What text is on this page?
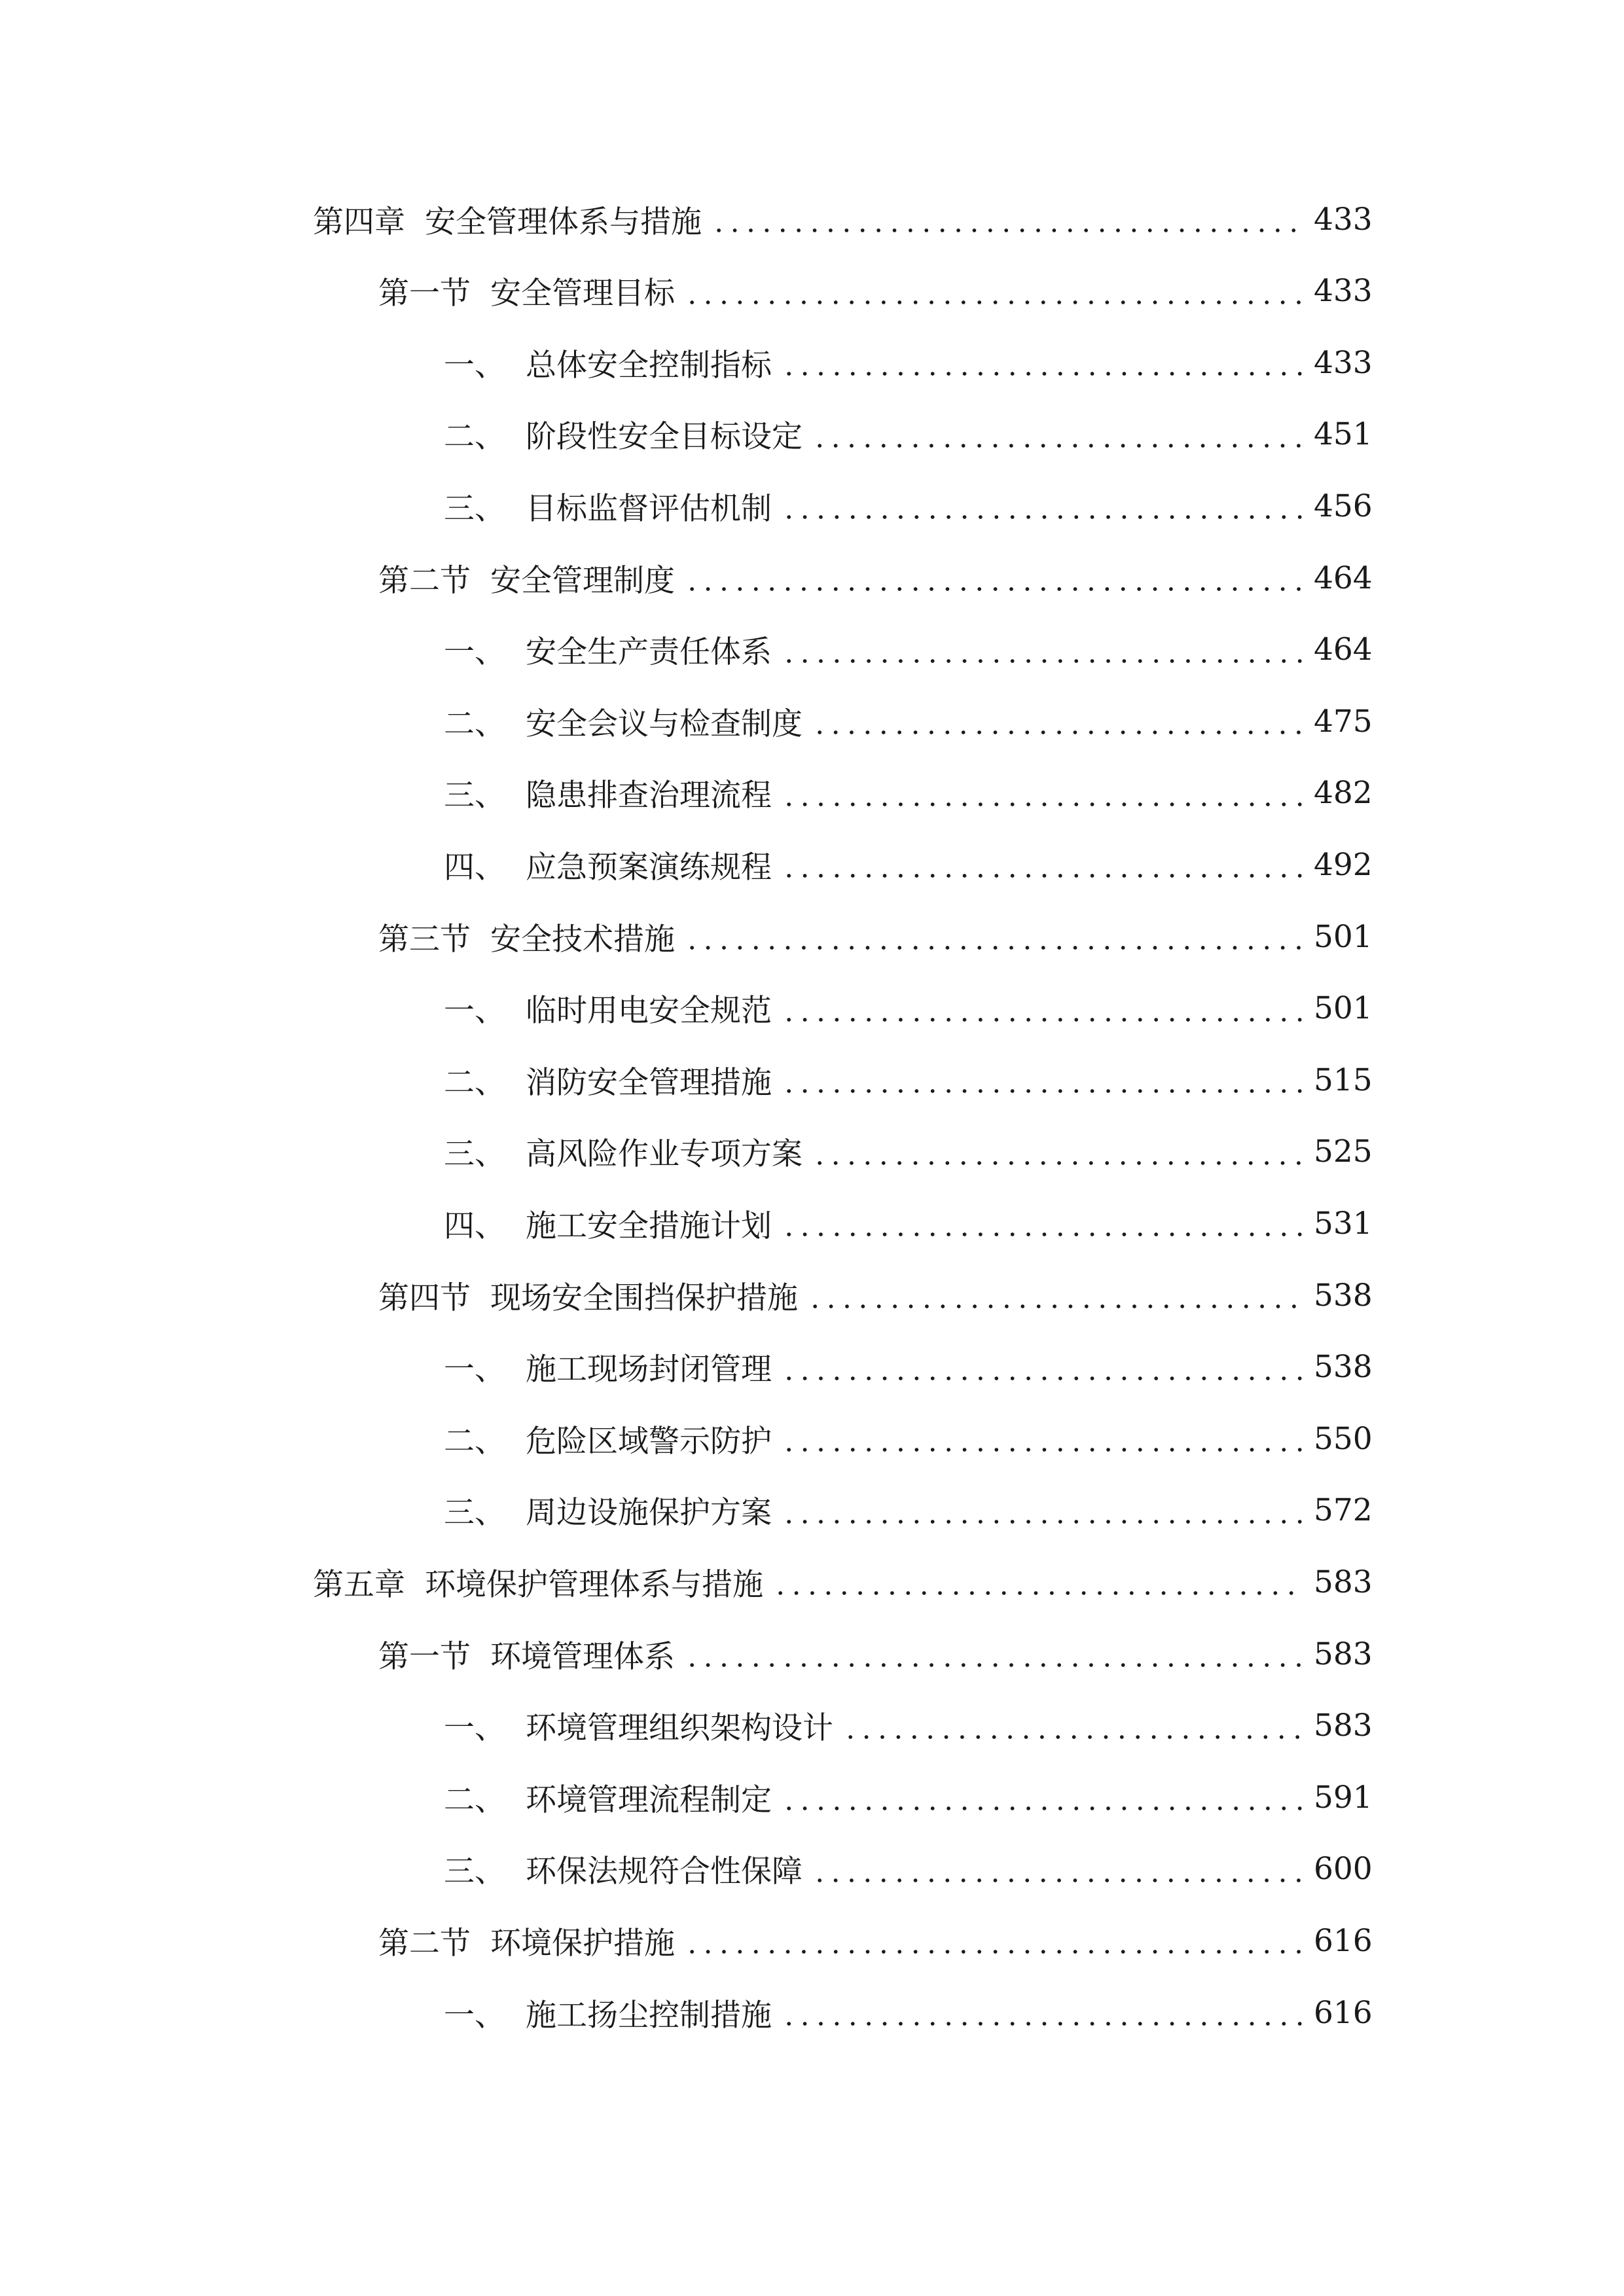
第四章 安全管理体系与措施	433
第一节 安全管理目标	433
一、 总体安全控制指标	433
二、 阶段性安全目标设定	451
三、 目标监督评估机制	456
第二节 安全管理制度	464
一、 安全生产责任体系	464
二、 安全会议与检查制度	475
三、 隐患排查治理流程	482
四、 应急预案演练规程	492
第三节 安全技术措施	501
一、 临时用电安全规范	501
二、 消防安全管理措施	515
三、 高风险作业专项方案	525
四、 施工安全措施计划	531
第四节 现场安全围挡保护措施	538
一、 施工现场封闭管理	538
二、 危险区域警示防护	550
三、 周边设施保护方案	572
第五章 环境保护管理体系与措施	583
第一节 环境管理体系	583
一、 环境管理组织架构设计	583
二、 环境管理流程制定	591
三、 环保法规符合性保障	600
第二节 环境保护措施	616
一、 施工扬尘控制措施	616
